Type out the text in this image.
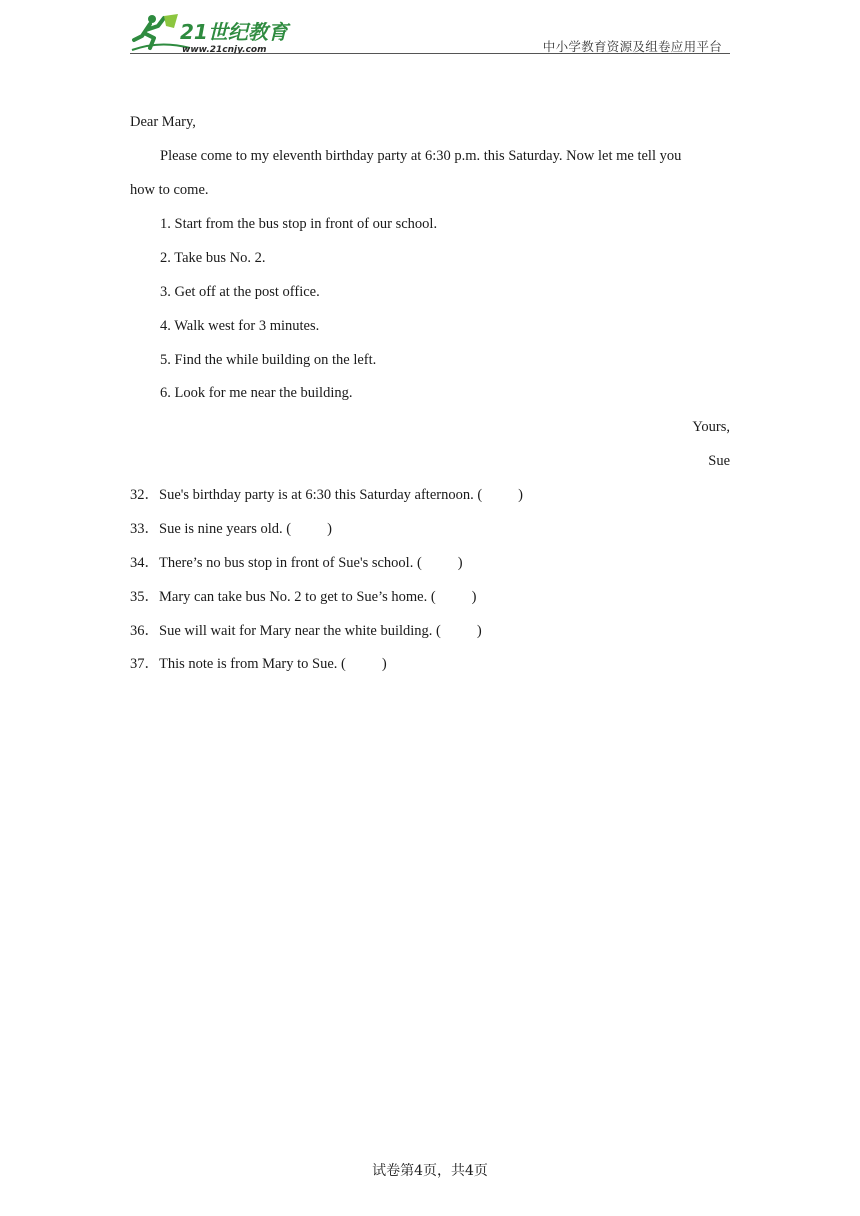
21世纪教育
www.21cnjy.com	中小学教育资源及组卷应用平台
Dear Mary,
Please come to my eleventh birthday party at 6:30 p.m. this Saturday. Now let me tell you
how to come.
1. Start from the bus stop in front of our school.
2. Take bus No. 2.
3. Get off at the post office.
4. Walk west for 3 minutes.
5. Find the while building on the left.
6. Look for me near the building.
Yours,
Sue
32．Sue's birthday party is at 6:30 this Saturday afternoon. ( )
33．Sue is nine years old. ( )
34．There’s no bus stop in front of Sue's school. ( )
35．Mary can take bus No. 2 to get to Sue’s home. ( )
36．Sue will wait for Mary near the white building. ( )
37．This note is from Mary to Sue. ( )
试卷第4页，共4页
